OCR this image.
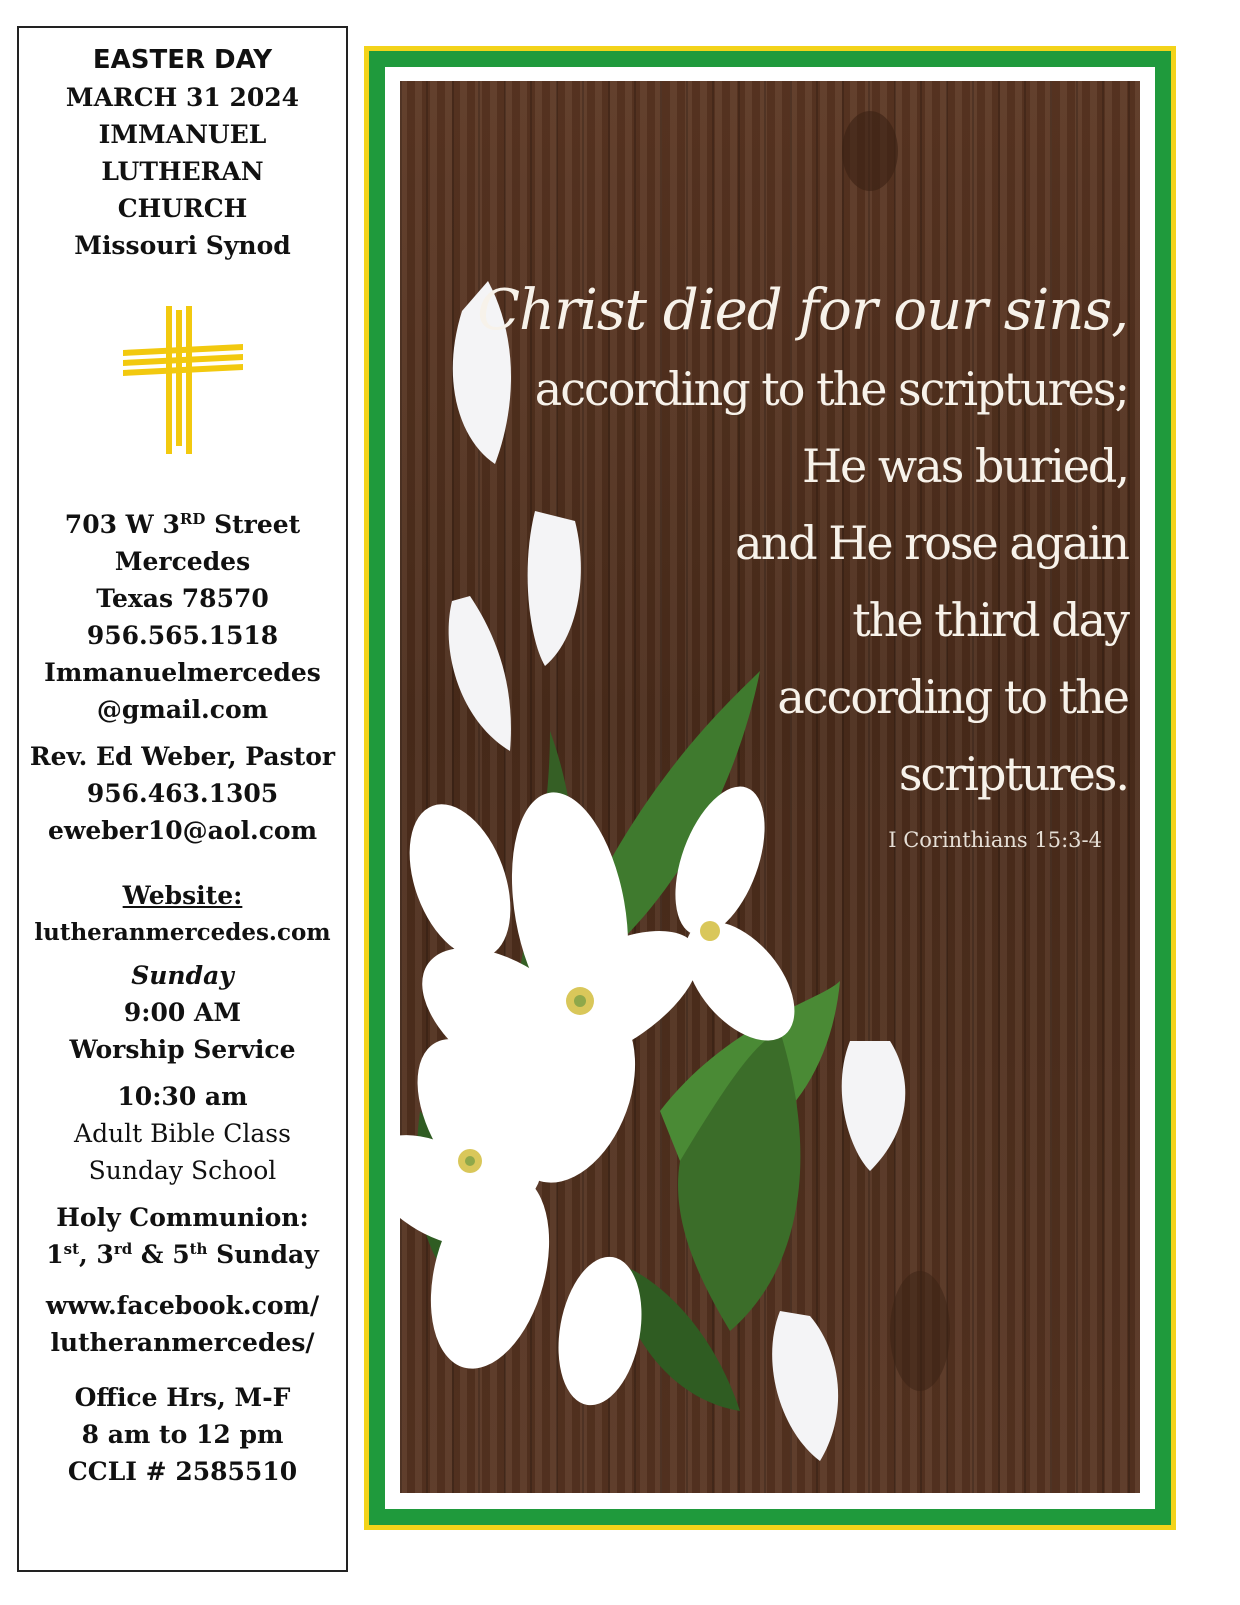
EASTER DAY
MARCH 31 2024
IMMANUEL
LUTHERAN
CHURCH
Missouri Synod
703 W 3RD Street
Mercedes
Texas 78570
956.565.1518
Immanuelmercedes
@gmail.com
Rev. Ed Weber, Pastor
956.463.1305
eweber10@aol.com
Website:
lutheranmercedes.com
Sunday
9:00 AM
Worship Service
10:30 am
Adult Bible Class
Sunday School
Holy Communion:
1st, 3rd & 5th Sunday
www.facebook.com/
lutheranmercedes/
Office Hrs, M-F
8 am to 12 pm
CCLI # 2585510
Christ died for our sins,
according to the scriptures;
He was buried,
and He rose again
the third day
according to the
scriptures.
I Corinthians 15:3-4
